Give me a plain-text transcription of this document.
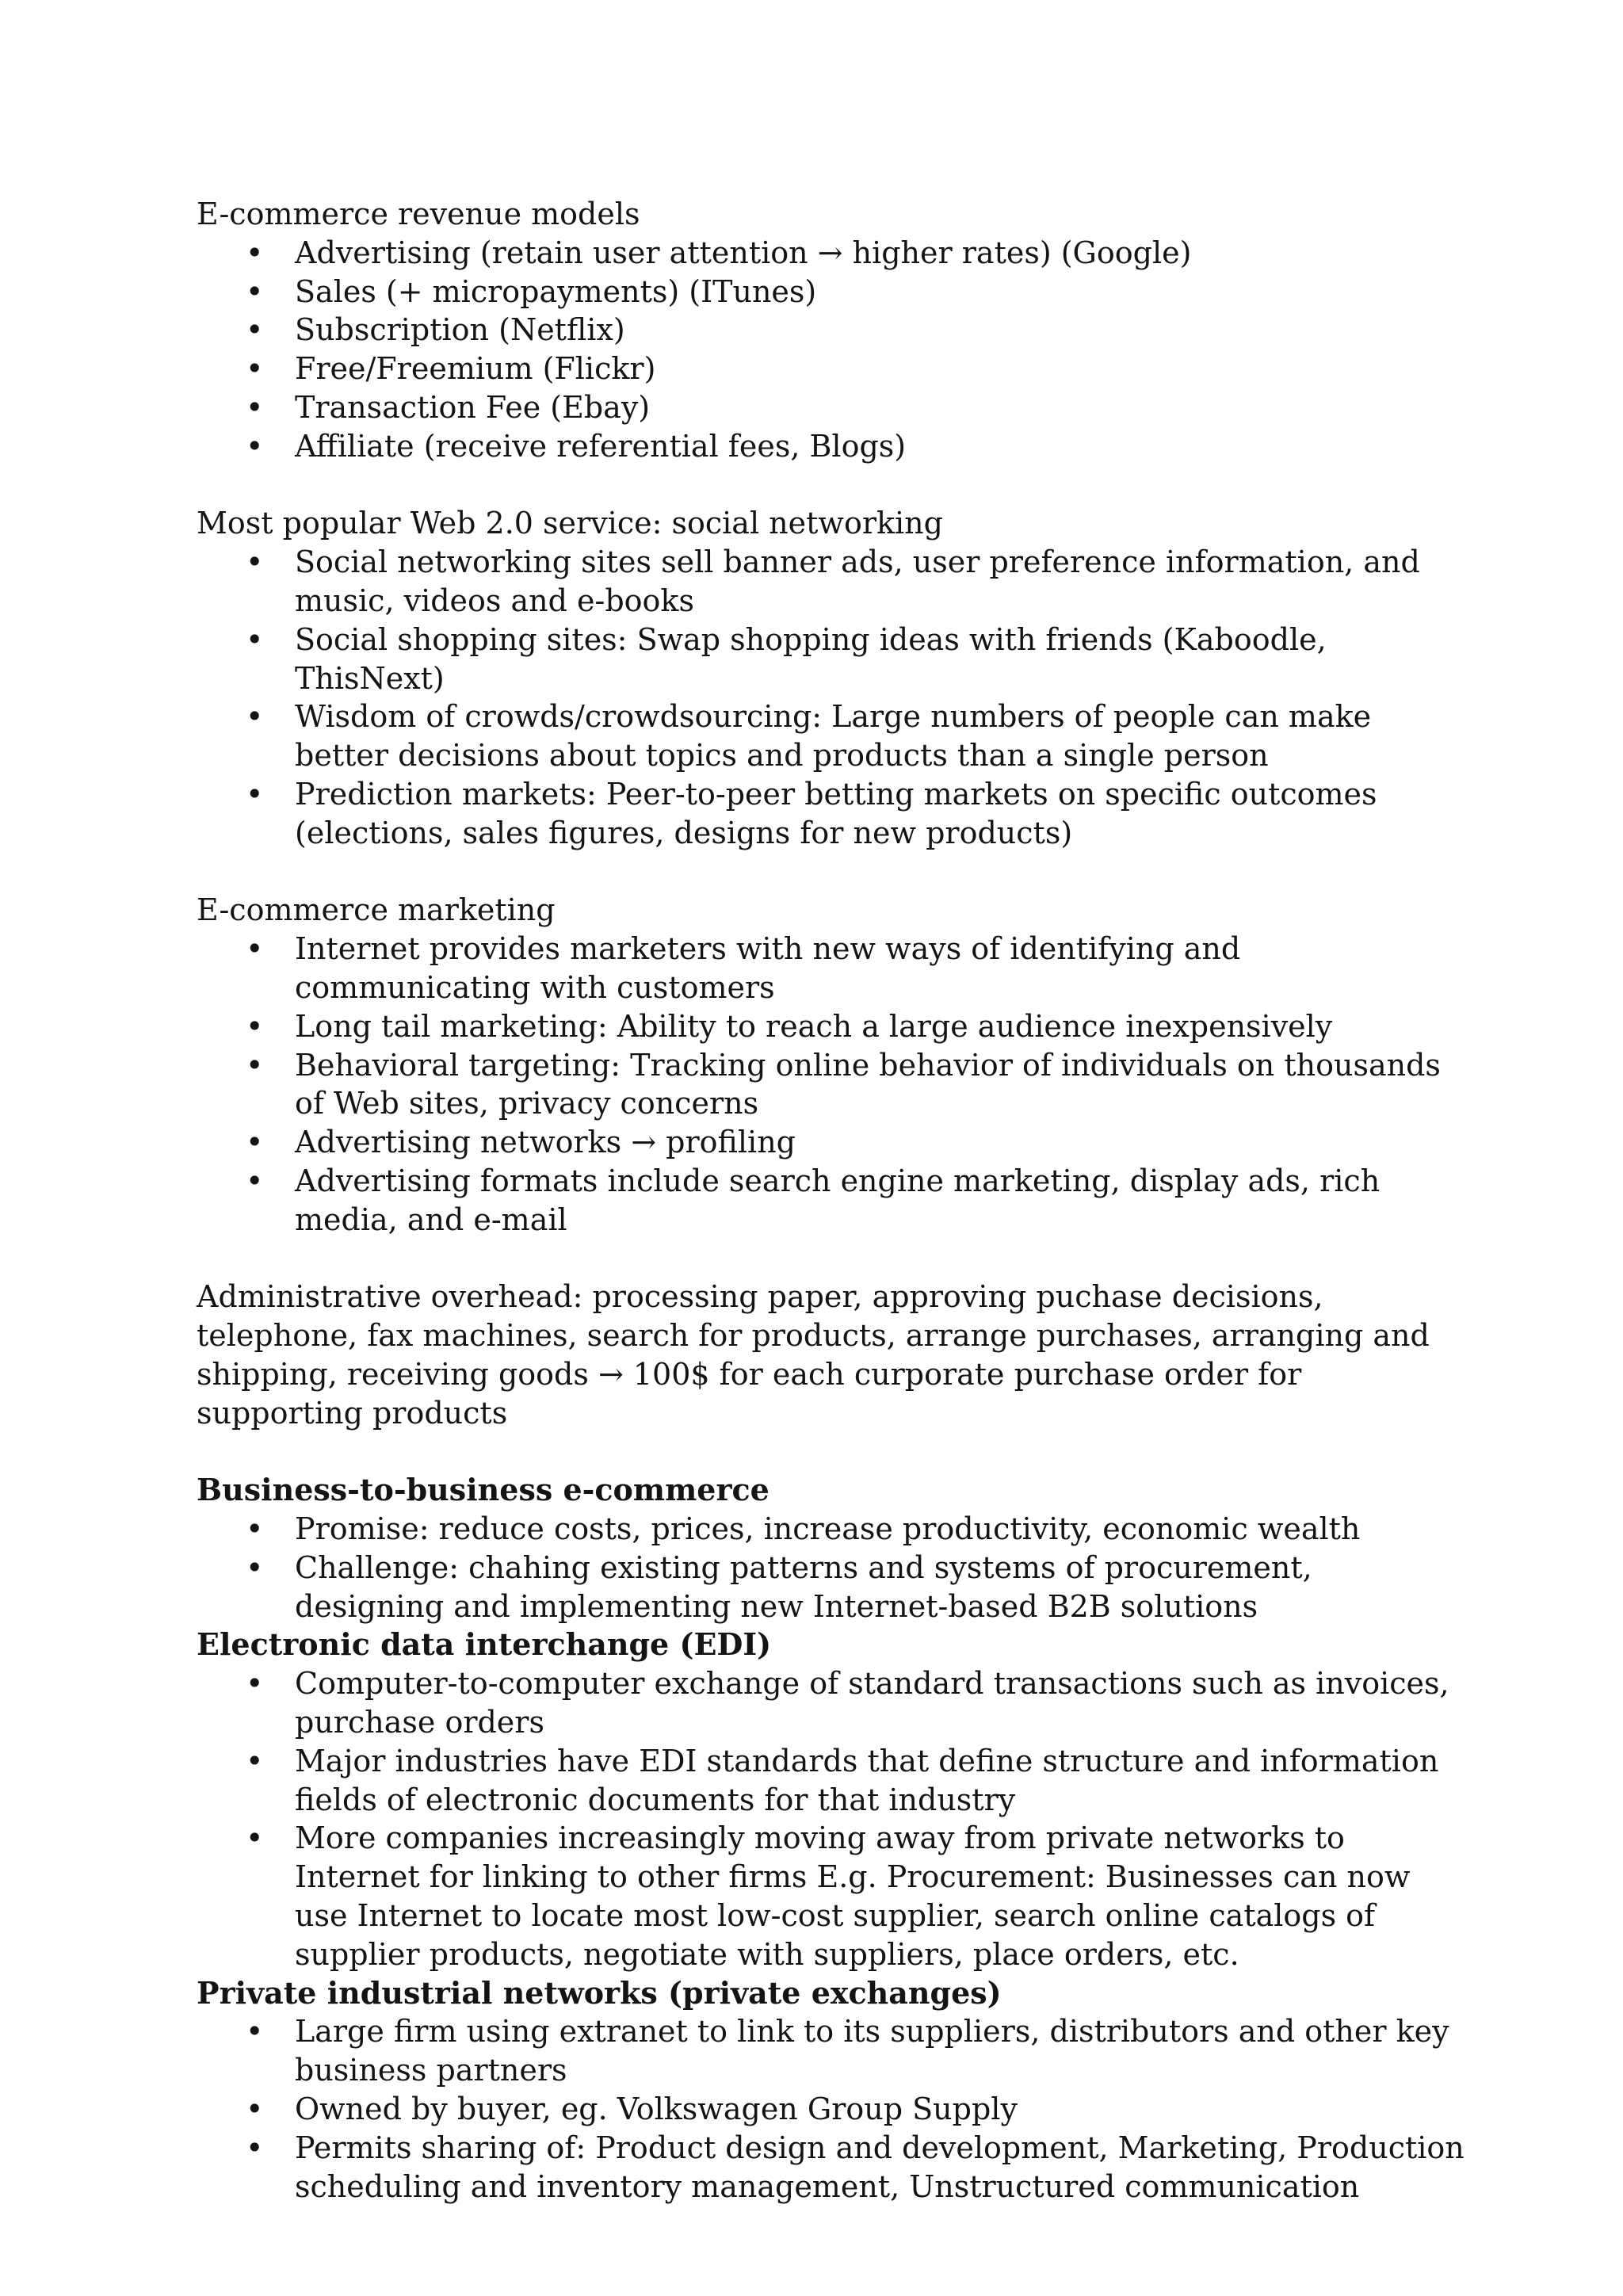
E-commerce revenue models

• Advertising (retain user attention → higher rates) (Google)
• Sales (+ micropayments) (ITunes)
• Subscription (Netflix)
• Free/Freemium (Flickr)
• Transaction Fee (Ebay)
• Affiliate (receive referential fees, Blogs)

Most popular Web 2.0 service: social networking

• Social networking sites sell banner ads, user preference information, and music, videos and e-books
• Social shopping sites: Swap shopping ideas with friends (Kaboodle, ThisNext)
• Wisdom of crowds/crowdsourcing: Large numbers of people can make better decisions about topics and products than a single person
• Prediction markets: Peer-to-peer betting markets on specific outcomes (elections, sales figures, designs for new products)

E-commerce marketing

• Internet provides marketers with new ways of identifying and communicating with customers
• Long tail marketing: Ability to reach a large audience inexpensively
• Behavioral targeting: Tracking online behavior of individuals on thousands of Web sites, privacy concerns
• Advertising networks → profiling
• Advertising formats include search engine marketing, display ads, rich media, and e-mail

Administrative overhead: processing paper, approving puchase decisions, telephone, fax machines, search for products, arrange purchases, arranging and shipping, receiving goods → 100$ for each curporate purchase order for supporting products

Business-to-business e-commerce

• Promise: reduce costs, prices, increase productivity, economic wealth
• Challenge: chahing existing patterns and systems of procurement, designing and implementing new Internet-based B2B solutions

Electronic data interchange (EDI)

• Computer-to-computer exchange of standard transactions such as invoices, purchase orders
• Major industries have EDI standards that define structure and information fields of electronic documents for that industry
• More companies increasingly moving away from private networks to Internet for linking to other firms E.g. Procurement: Businesses can now use Internet to locate most low-cost supplier, search online catalogs of supplier products, negotiate with suppliers, place orders, etc.

Private industrial networks (private exchanges)

• Large firm using extranet to link to its suppliers, distributors and other key business partners
• Owned by buyer, eg. Volkswagen Group Supply
• Permits sharing of: Product design and development, Marketing, Production scheduling and inventory management, Unstructured communication
